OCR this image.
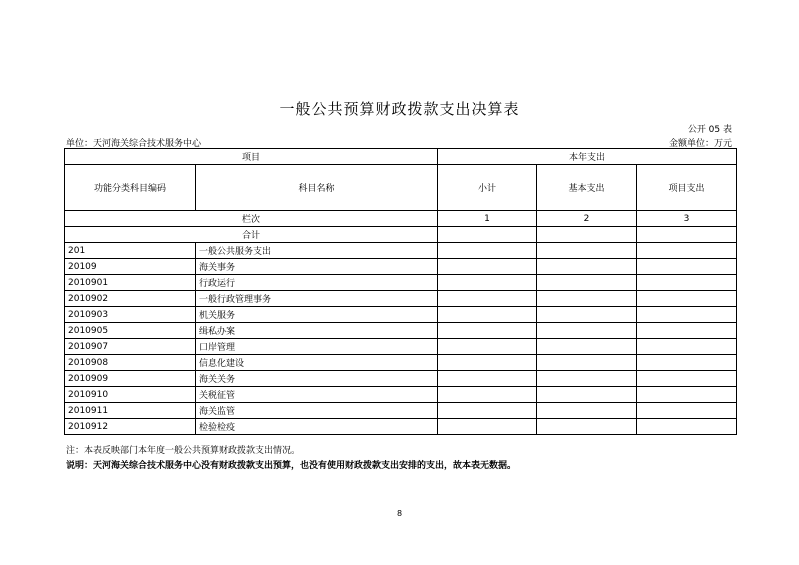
一般公共预算财政拨款支出决算表
公开 05 表
单位：天河海关综合技术服务中心	金额单位：万元
项目		本年支出		
功能分类科目编码	科目名称	小计	基本支出	项目支出
栏次		1	2	3
合计				
201	一般公共服务支出			
20109	海关事务			
2010901	行政运行			
2010902	一般行政管理事务			
2010903	机关服务			
2010905	缉私办案			
2010907	口岸管理			
2010908	信息化建设			
2010909	海关关务			
2010910	关税征管			
2010911	海关监管			
2010912	检验检疫			
注：本表反映部门本年度一般公共预算财政拨款支出情况。
说明：天河海关综合技术服务中心没有财政拨款支出预算，也没有使用财政拨款支出安排的支出，故本表无数据。
8
